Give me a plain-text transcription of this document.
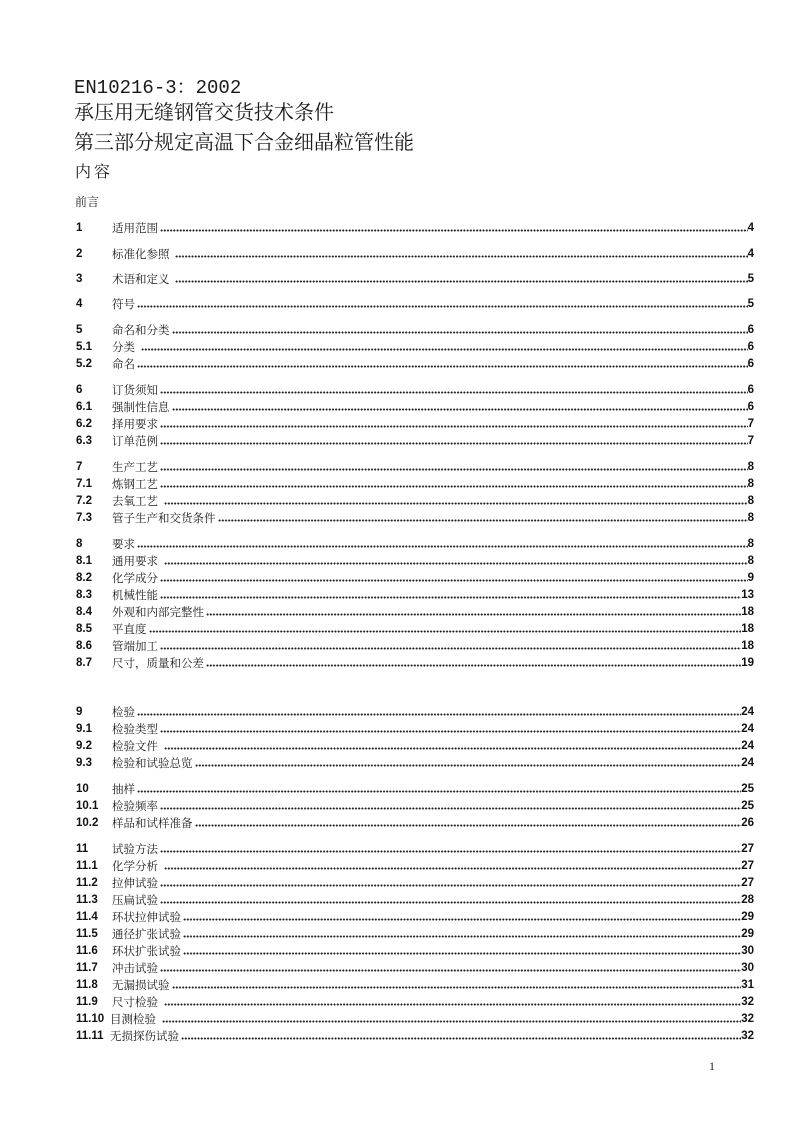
EN10216-3：2002
承压用无缝钢管交货技术条件
第三部分规定高温下合金细晶粒管性能
内容
前言
1	适用范围	4
2	标准化参照	4
3	术语和定义	5
4	符号	5
5	命名和分类	6
5.1	分类	6
5.2	命名	6
6	订货须知	6
6.1	强制性信息	6
6.2	择用要求	7
6.3	订单范例	7
7	生产工艺	8
7.1	炼钢工艺	8
7.2	去氧工艺	8
7.3	管子生产和交货条件	8
8	要求	8
8.1	通用要求	8
8.2	化学成分	9
8.3	机械性能	13
8.4	外观和内部完整性	18
8.5	平直度	18
8.6	管端加工	18
8.7	尺寸，质量和公差	19
9	检验	24
9.1	检验类型	24
9.2	检验文件	24
9.3	检验和试验总览	24
10	抽样	25
10.1	检验频率	25
10.2	样品和试样准备	26
11	试验方法	27
11.1	化学分析	27
11.2	拉伸试验	27
11.3	压扁试验	28
11.4	环状拉伸试验	29
11.5	通径扩张试验	29
11.6	环状扩张试验	30
11.7	冲击试验	30
11.8	无漏损试验	31
11.9	尺寸检验	32
11.10 目测检验	32
11.11 无损探伤试验	32
1
